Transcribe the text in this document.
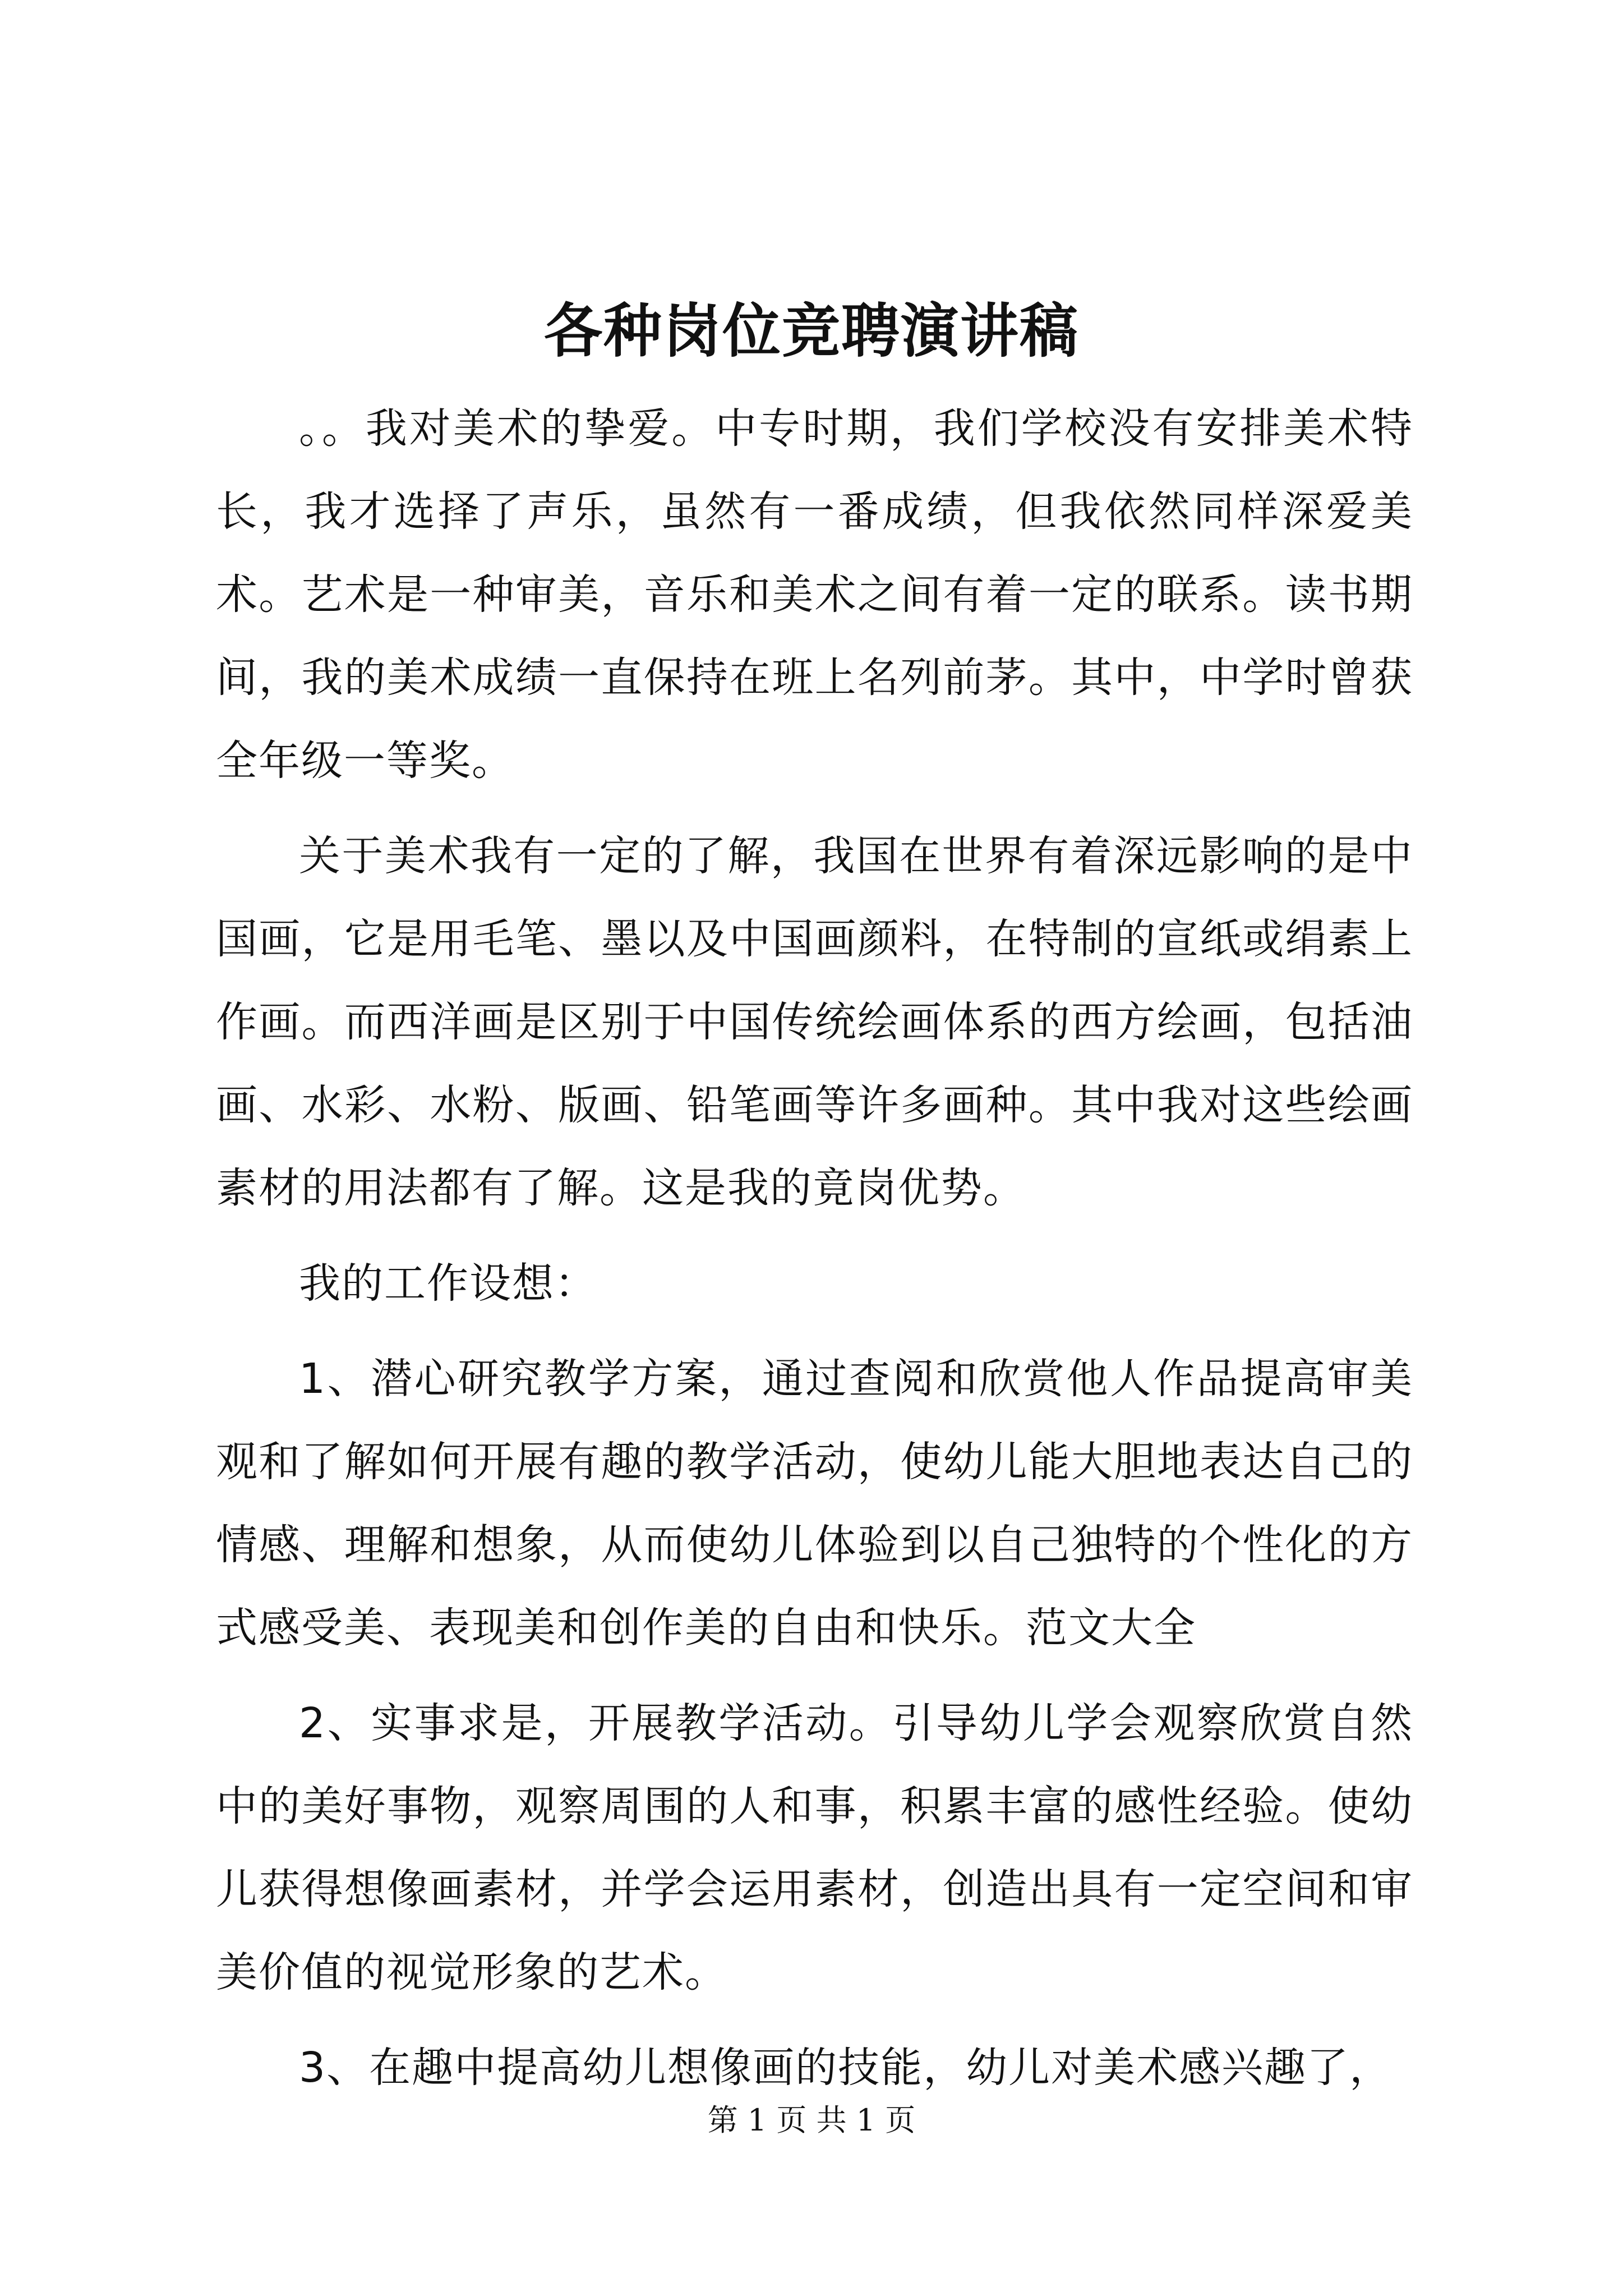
各种岗位竞聘演讲稿

。。我对美术的挚爱。中专时期，我们学校没有安排美术特长，我才选择了声乐，虽然有一番成绩，但我依然同样深爱美术。艺术是一种审美，音乐和美术之间有着一定的联系。读书期间，我的美术成绩一直保持在班上名列前茅。其中，中学时曾获全年级一等奖。

关于美术我有一定的了解，我国在世界有着深远影响的是中国画，它是用毛笔、墨以及中国画颜料，在特制的宣纸或绢素上作画。而西洋画是区别于中国传统绘画体系的西方绘画，包括油画、水彩、水粉、版画、铅笔画等许多画种。其中我对这些绘画素材的用法都有了解。这是我的竟岗优势。

我的工作设想：

1、潜心研究教学方案，通过查阅和欣赏他人作品提高审美观和了解如何开展有趣的教学活动，使幼儿能大胆地表达自己的情感、理解和想象，从而使幼儿体验到以自己独特的个性化的方式感受美、表现美和创作美的自由和快乐。范文大全

2、实事求是，开展教学活动。引导幼儿学会观察欣赏自然中的美好事物，观察周围的人和事，积累丰富的感性经验。使幼儿获得想像画素材，并学会运用素材，创造出具有一定空间和审美价值的视觉形象的艺术。

3、在趣中提高幼儿想像画的技能，幼儿对美术感兴趣了，

第 1 页 共 1 页
